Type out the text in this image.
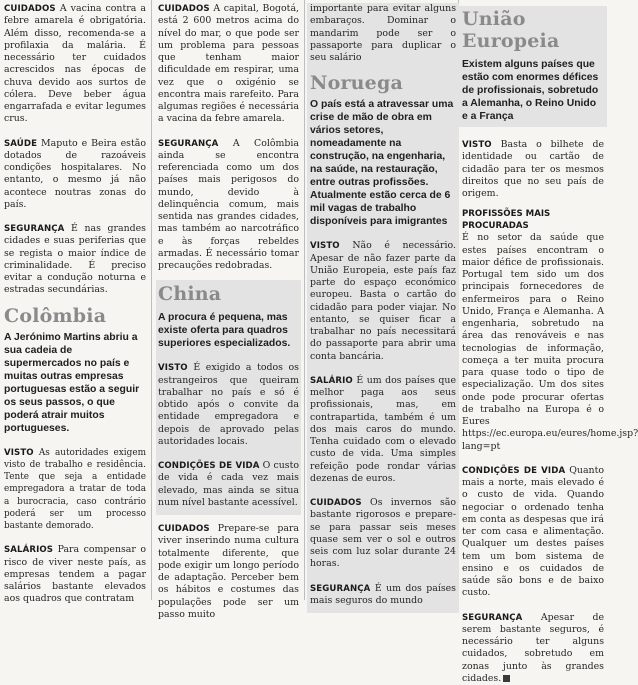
CUIDADOS A vacina contra a febre amarela é obrigatória. Além disso, recomenda-se a profilaxia da malária. É necessário ter cuidados acrescidos nas épocas de chuva devido aos surtos de cólera. Deve beber água engarrafada e evitar legumes crus.

SAÚDE Maputo e Beira estão dotados de razoáveis condições hospitalares. No entanto, o mesmo já não acontece noutras zonas do país.

SEGURANÇA É nas grandes cidades e suas periferias que se regista o maior índice de criminalidade. É preciso evitar a condução noturna e estradas secundárias.

Colômbia

A Jerónimo Martins abriu a sua cadeia de supermercados no país e muitas outras empresas portuguesas estão a seguir os seus passos, o que poderá atrair muitos portugueses.

VISTO As autoridades exigem visto de trabalho e residência. Tente que seja a entidade empregadora a tratar de toda a burocracia, caso contrário poderá ser um processo bastante demorado.

SALÁRIOS Para compensar o risco de viver neste país, as empresas tendem a pagar salários bastante elevados aos quadros que contratam

CUIDADOS A capital, Bogotá, está 2 600 metros acima do nível do mar, o que pode ser um problema para pessoas que tenham maior dificuldade em respirar, uma vez que o oxigénio se encontra mais rarefeito. Para algumas regiões é necessária a vacina da febre amarela.

SEGURANÇA A Colômbia ainda se encontra referenciada como um dos países mais perigosos do mundo, devido à delinquência comum, mais sentida nas grandes cidades, mas também ao narcotráfico e às forças rebeldes armadas. É necessário tomar precauções redobradas.

China

A procura é pequena, mas existe oferta para quadros superiores especializados.

VISTO É exigido a todos os estrangeiros que queiram trabalhar no país e só é obtido após o convite da entidade empregadora e depois de aprovado pelas autoridades locais.

CONDIÇÕES DE VIDA O custo de vida é cada vez mais elevado, mas ainda se situa num nível bastante acessível.

CUIDADOS Prepare-se para viver inserindo numa cultura totalmente diferente, que pode exigir um longo período de adaptação. Perceber bem os hábitos e costumes das populações pode ser um passo muito

importante para evitar alguns embaraços. Dominar o mandarim pode ser o passaporte para duplicar o seu salário

Noruega

O país está a atravessar uma crise de mão de obra em vários setores, nomeadamente na construção, na engenharia, na saúde, na restauração, entre outras profissões. Atualmente estão cerca de 6 mil vagas de trabalho disponíveis para imigrantes

VISTO Não é necessário. Apesar de não fazer parte da União Europeia, este país faz parte do espaço económico europeu. Basta o cartão do cidadão para poder viajar. No entanto, se quiser ficar a trabalhar no país necessitará do passaporte para abrir uma conta bancária.

SALÁRIO É um dos países que melhor paga aos seus profissionais, mas, em contrapartida, também é um dos mais caros do mundo. Tenha cuidado com o elevado custo de vida. Uma simples refeição pode rondar várias dezenas de euros.

CUIDADOS Os invernos são bastante rigorosos e prepare-se para passar seis meses quase sem ver o sol e outros seis com luz solar durante 24 horas.

SEGURANÇA É um dos países mais seguros do mundo

União Europeia

Existem alguns países que estão com enormes défices de profissionais, sobretudo a Alemanha, o Reino Unido e a França

VISTO Basta o bilhete de identidade ou cartão de cidadão para ter os mesmos direitos que no seu país de origem.

PROFISSÕES MAIS PROCURADAS

É no setor da saúde que estes países encontram o maior défice de profissionais. Portugal tem sido um dos principais fornecedores de enfermeiros para o Reino Unido, França e Alemanha. A engenharia, sobretudo na área das renováveis e nas tecnologias de informação, começa a ter muita procura para quase todo o tipo de especialização. Um dos sites onde pode procurar ofertas de trabalho na Europa é o Eures https://ec.europa.eu/eures/home.jsp?lang=pt

CONDIÇÕES DE VIDA Quanto mais a norte, mais elevado é o custo de vida. Quando negociar o ordenado tenha em conta as despesas que irá ter com casa e alimentação. Qualquer um destes países tem um bom sistema de ensino e os cuidados de saúde são bons e de baixo custo.

SEGURANÇA Apesar de serem bastante seguros, é necessário ter alguns cuidados, sobretudo em zonas junto às grandes cidades.
